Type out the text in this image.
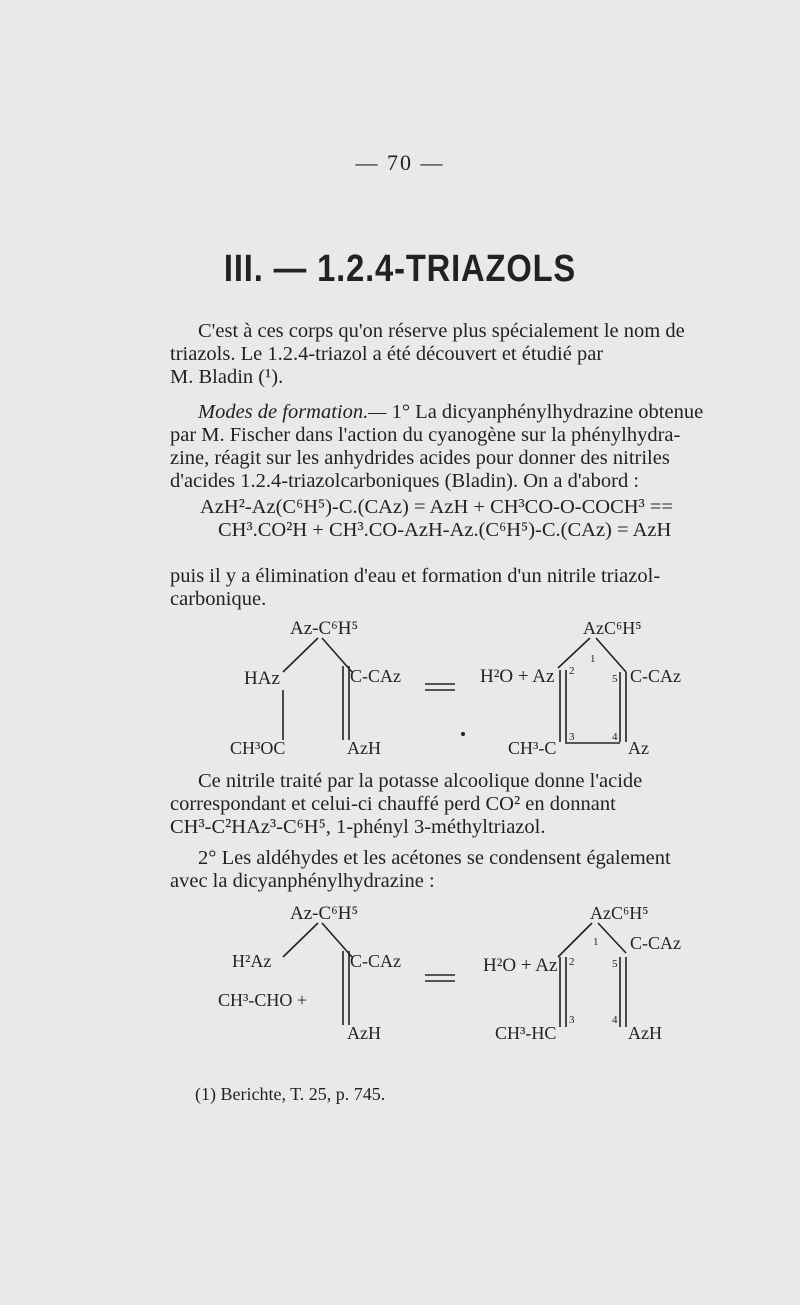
— 70 —
III. — 1.2.4-TRIAZOLS
C'est à ces corps qu'on réserve plus spécialement le nom de
triazols. Le 1.2.4-triazol a été découvert et étudié par
M. Bladin (¹).
Modes de formation.— 1° La dicyanphénylhydrazine obtenue
par M. Fischer dans l'action du cyanogène sur la phénylhydra-
zine, réagit sur les anhydrides acides pour donner des nitriles
d'acides 1.2.4-triazolcarboniques (Bladin). On a d'abord :
AzH²-Az(C⁶H⁵)-C.(CAz) = AzH + CH³CO-O-COCH³ ==
CH³.CO²H + CH³.CO-AzH-Az.(C⁶H⁵)-C.(CAz) = AzH
puis il y a élimination d'eau et formation d'un nitrile triazol-
carbonique.
Az-C⁶H⁵
HAz	C-CAz
CH³OC	AzH
AzC⁶H⁵
H²O + Az	C-CAz
CH³-C	Az
1
2
3	4
5
Ce nitrile traité par la potasse alcoolique donne l'acide
correspondant et celui-ci chauffé perd CO² en donnant
CH³-C²HAz³-C⁶H⁵, 1-phényl 3-méthyltriazol.
2° Les aldéhydes et les acétones se condensent également
avec la dicyanphénylhydrazine :
Az-C⁶H⁵
H²Az	C-CAz
CH³-CHO +
AzH
AzC⁶H⁵
C-CAz
H²O + Az
CH³-HC	AzH
1
2
3	4
5
(1) Berichte, T. 25, p. 745.
